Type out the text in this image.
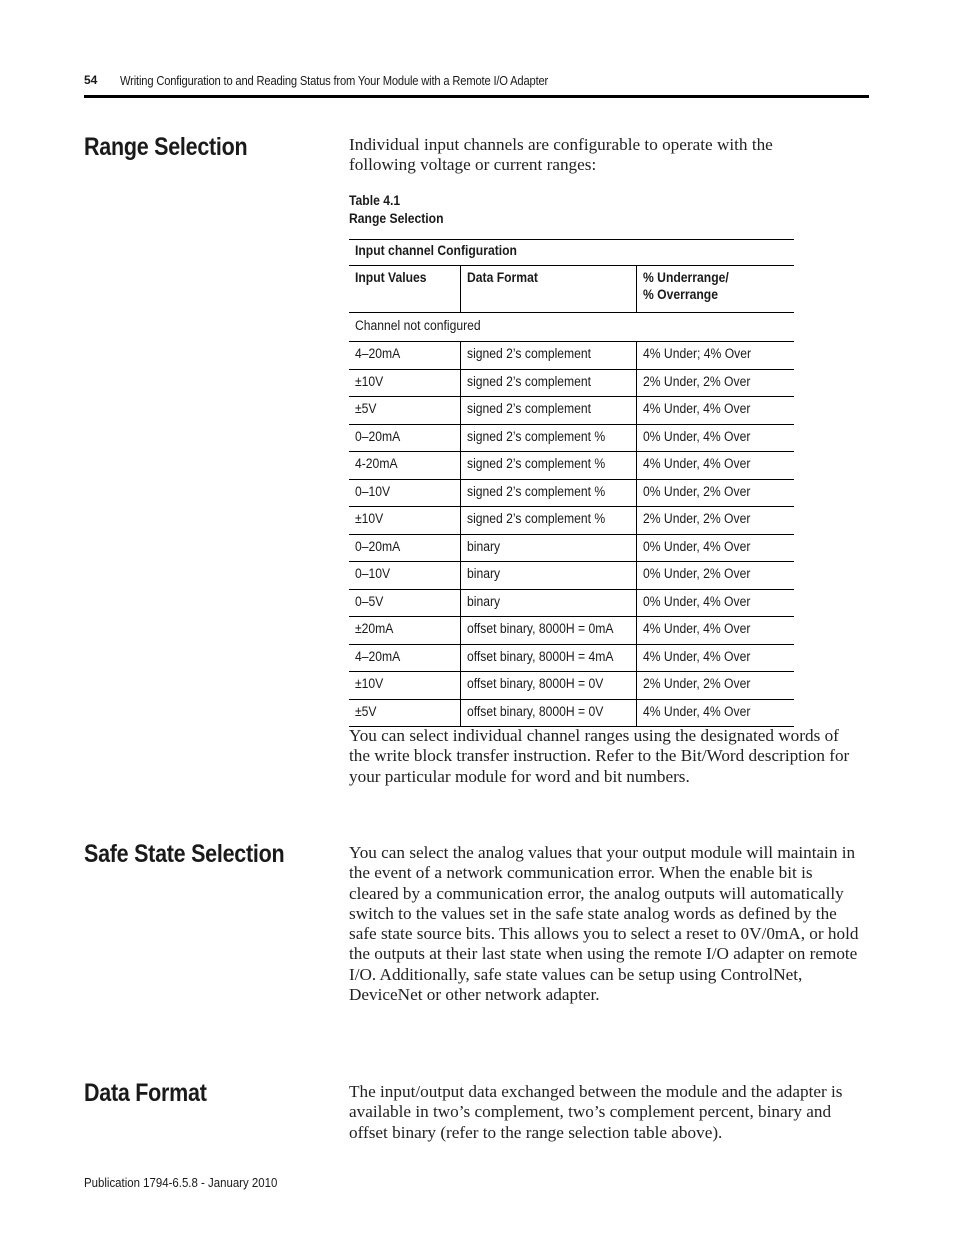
54 Writing Configuration to and Reading Status from Your Module with a Remote I/O Adapter
Range Selection	Individual input channels are configurable to operate with the following voltage or current ranges:
Table 4.1
Range Selection
Input channel Configuration		
Input Values	Data Format	% Underrange/
% Overrange
Channel not configured		
4–20mA	signed 2’s complement	4% Under; 4% Over
±10V	signed 2’s complement	2% Under, 2% Over
±5V	signed 2’s complement	4% Under, 4% Over
0–20mA	signed 2’s complement %	0% Under, 4% Over
4-20mA	signed 2’s complement %	4% Under, 4% Over
0–10V	signed 2’s complement %	0% Under, 2% Over
±10V	signed 2’s complement %	2% Under, 2% Over
0–20mA	binary	0% Under, 4% Over
0–10V	binary	0% Under, 2% Over
0–5V	binary	0% Under, 4% Over
±20mA	offset binary, 8000H = 0mA	4% Under, 4% Over
4–20mA	offset binary, 8000H = 4mA	4% Under, 4% Over
±10V	offset binary, 8000H = 0V	2% Under, 2% Over
±5V	offset binary, 8000H = 0V	4% Under, 4% Over
You can select individual channel ranges using the designated words of the write block transfer instruction. Refer to the Bit/Word description for your particular module for word and bit numbers.
Safe State Selection	You can select the analog values that your output module will maintain in the event of a network communication error. When the enable bit is cleared by a communication error, the analog outputs will automatically switch to the values set in the safe state analog words as defined by the safe state source bits. This allows you to select a reset to 0V/0mA, or hold the outputs at their last state when using the remote I/O adapter on remote I/O. Additionally, safe state values can be setup using ControlNet, DeviceNet or other network adapter.
Data Format	The input/output data exchanged between the module and the adapter is available in two’s complement, two’s complement percent, binary and offset binary (refer to the range selection table above).
Publication 1794-6.5.8 - January 2010
